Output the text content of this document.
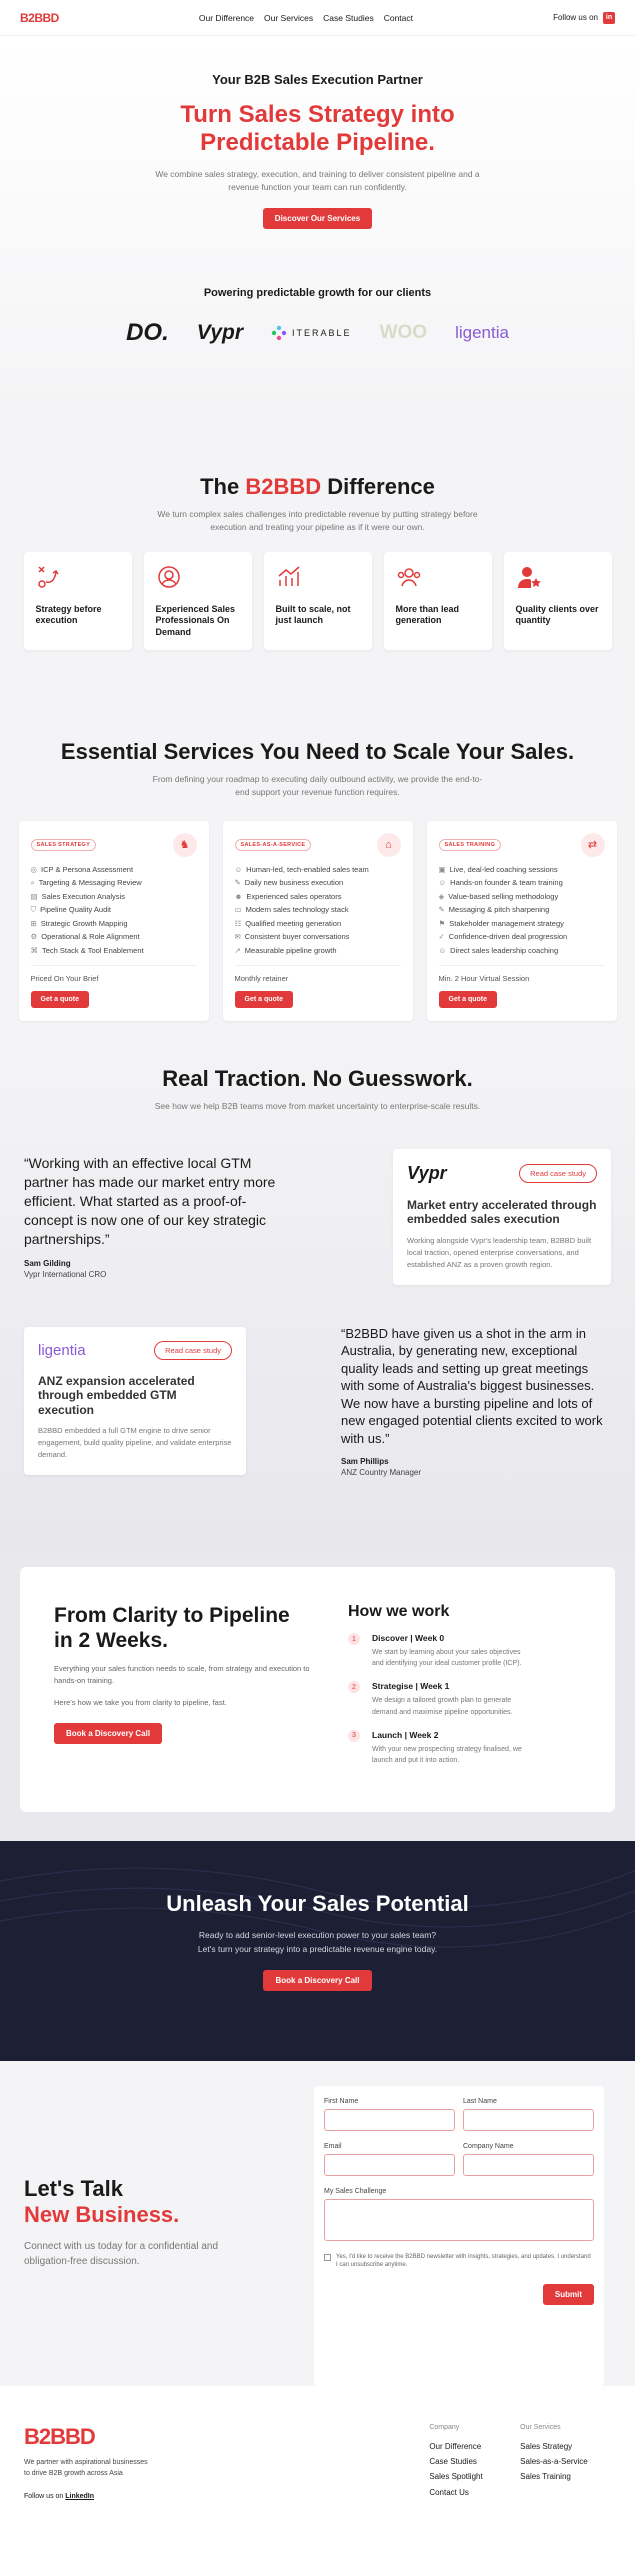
B2BBD	Our Difference Our Services Case Studies Contact	Follow us on	in
Your B2B Sales Execution Partner
Turn Sales Strategy into Predictable Pipeline.
We combine sales strategy, execution, and training to deliver consistent pipeline and a revenue function your team can run confidently.
Discover Our Services
Powering predictable growth for our clients
DO. Vypr	ITERABLE WOO ligentia
The B2BBD Difference
We turn complex sales challenges into predictable revenue by putting strategy before execution and treating your pipeline as if it were our own.
Strategy before execution
Experienced Sales Professionals On Demand
Built to scale, not just launch
More than lead generation
Quality clients over quantity
Essential Services You Need to Scale Your Sales.
From defining your roadmap to executing daily outbound activity, we provide the end-to-end support your revenue function requires.
SALES STRATEGY	♞
◎ ICP & Persona Assessment
⌕ Targeting & Messaging Review
▤ Sales Execution Analysis
⛉ Pipeline Quality Audit
⊞ Strategic Growth Mapping
⚙ Operational & Role Alignment
⌘ Tech Stack & Tool Enablement
Priced On Your Brief
Get a quote
SALES-AS-A-SERVICE	⌂
☺ Human-led, tech-enabled sales team
✎ Daily new business execution
☻ Experienced sales operators
▭ Modern sales technology stack
☷ Qualified meeting generation
✉ Consistent buyer conversations
↗ Measurable pipeline growth
Monthly retainer
Get a quote
SALES TRAINING	⇄
▣ Live, deal-led coaching sessions
☺ Hands-on founder & team training
◈ Value-based selling methodology
✎ Messaging & pitch sharpening
⚑ Stakeholder management strategy
✓ Confidence-driven deal progression
☺ Direct sales leadership coaching
Min. 2 Hour Virtual Session
Get a quote
Real Traction. No Guesswork.
See how we help B2B teams move from market uncertainty to enterprise-scale results.
“Working with an effective local GTM partner has made our market entry more efficient. What started as a proof-of-concept is now one of our key strategic partnerships.”
Sam Gilding
Vypr International CRO
Vypr	Read case study
Market entry accelerated through embedded sales execution
Working alongside Vypr's leadership team, B2BBD built local traction, opened enterprise conversations, and established ANZ as a proven growth region.
ligentia	Read case study
ANZ expansion accelerated through embedded GTM execution
B2BBD embedded a full GTM engine to drive senior engagement, build quality pipeline, and validate enterprise demand.
“B2BBD have given us a shot in the arm in Australia, by generating new, exceptional quality leads and setting up great meetings with some of Australia's biggest businesses. We now have a bursting pipeline and lots of new engaged potential clients excited to work with us.”
Sam Phillips
ANZ Country Manager
From Clarity to Pipeline in 2 Weeks.

Everything your sales function needs to scale, from strategy and execution to hands-on training.

Here's how we take you from clarity to pipeline, fast.

Book a Discovery Call
How we work
1	Discover | Week 0
We start by learning about your sales objectives and identifying your ideal customer profile (ICP).
2	Strategise | Week 1
We design a tailored growth plan to generate demand and maximise pipeline opportunities.
3	Launch | Week 2
With your new prospecting strategy finalised, we launch and put it into action.
Unleash Your Sales Potential

Ready to add senior-level execution power to your sales team?
Let's turn your strategy into a predictable revenue engine today.

Book a Discovery Call
Let's Talk
New Business.

Connect with us today for a confidential and obligation-free discussion.

First Name	Last Name
Email	Company Name
My Sales Challenge
Yes, I'd like to receive the B2BBD newsletter with insights, strategies, and updates. I understand I can unsubscribe anytime.
Submit
B2BBD

We partner with aspirational businesses
to drive B2B growth across Asia

Follow us on LinkedIn
Company
Our Difference
Case Studies
Sales Spotlight
Contact Us
Our Services
Sales Strategy
Sales-as-a-Service
Sales Training
